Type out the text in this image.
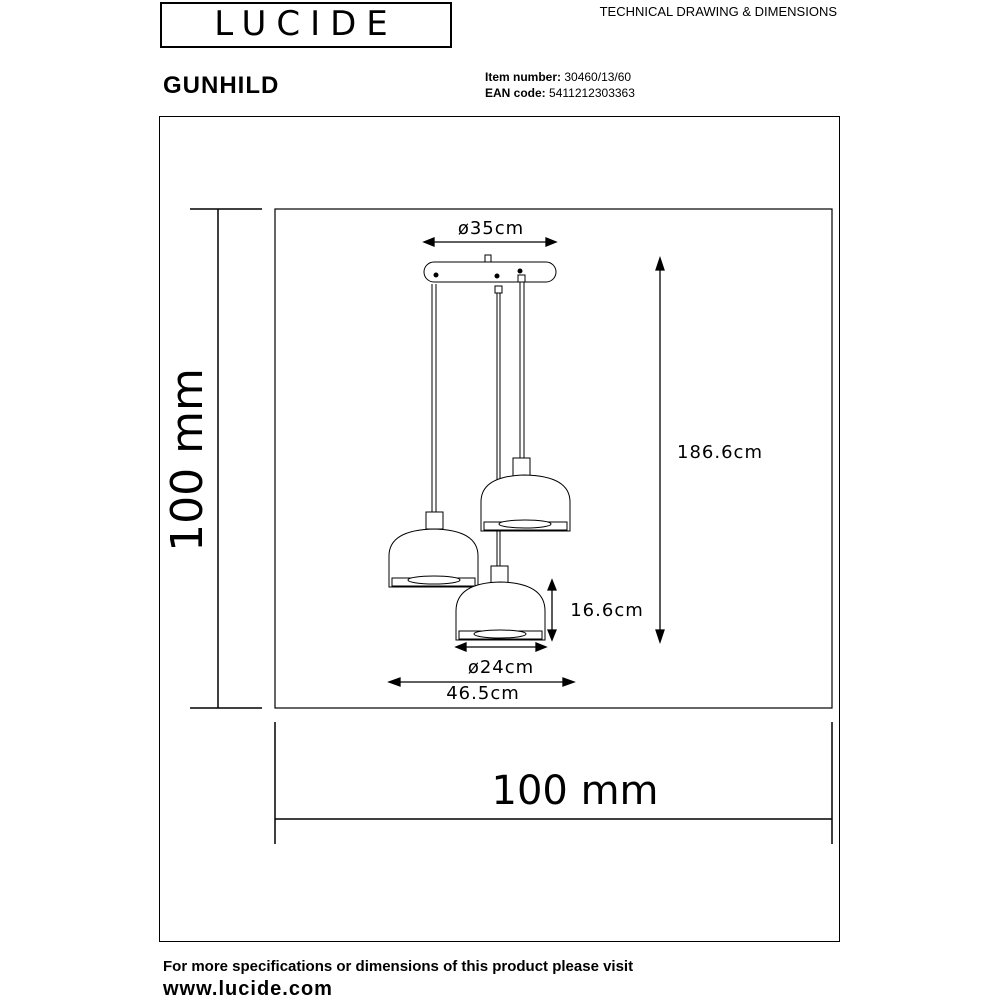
LUCIDE	TECHNICAL DRAWING & DIMENSIONS
GUNHILD	Item number: 30460/13/60
EAN code: 5411212303363
100 mm
100 mm
ø35cm
186.6cm
16.6cm
ø24cm
46.5cm
For more specifications or dimensions of this product please visit
www.lucide.com
